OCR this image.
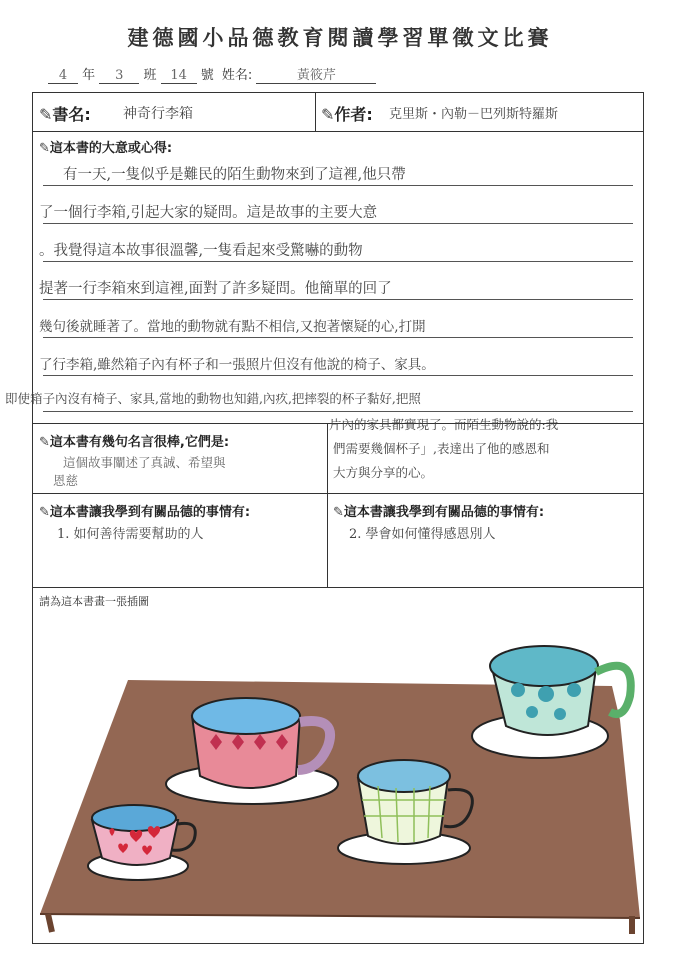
建德國小品德教育閱讀學習單徵文比賽
4 年 3 班 14 號 姓名:	黃筱芹
✎書名: 神奇行李箱	✎作者: 克里斯・內勒－巴列斯特羅斯
✎這本書的大意或心得:
有一天,一隻似乎是難民的陌生動物來到了這裡,他只帶
了一個行李箱,引起大家的疑問。這是故事的主要大意
。我覺得這本故事很溫馨,一隻看起來受驚嚇的動物
提著一行李箱來到這裡,面對了許多疑問。他簡單的回了
幾句後就睡著了。當地的動物就有點不相信,又抱著懷疑的心,打開
了行李箱,雖然箱子內有杯子和一張照片但沒有他說的椅子、家具。
即使箱子內沒有椅子、家具,當地的動物也知錯,內疚,把摔裂的杯子黏好,把照
✎這本書有幾句名言很棒,它們是:
這個故事闡述了真誠、希望與
恩慈
片內的家具都實現了。而陌生動物說的:我
們需要幾個杯子」,表達出了他的感恩和
大方與分享的心。
✎這本書讓我學到有關品德的事情有:	✎這本書讓我學到有關品德的事情有:
1. 如何善待需要幫助的人	2. 學會如何懂得感恩別人
請為這本書畫一張插圖
